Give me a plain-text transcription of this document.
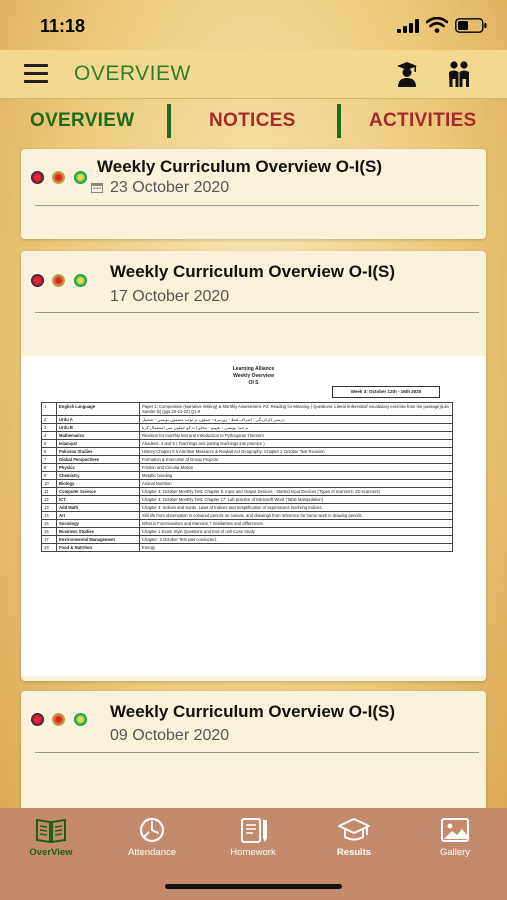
11:18
OVERVIEW
OVERVIEW	NOTICES	ACTIVITIES

Weekly Curriculum Overview O-I(S)
23 October 2020

Weekly Curriculum Overview O-I(S)
17 October 2020
Learning Alliance
Weekly Overview
OI S
Week 3: October 12th - 16th 2020
1	English Language	Paper 1: Composition (Narrative Writing) & Monthly Assessment. P2: Reading for Meaning ( Questions: Literal /Inferential/ vocabulary exercise from the passage)(Lila Sander lit) (pgs 20-21-22) Q1-9
2	Urdu A	درسی کارکردگی : اصراف لفظ - روزمرہ - جملوں پر توجہ مضمون نویسی - تفصیل
3	Urdu B	ترجمہ نویسی - تفہیم - محاورات کو جملوں میں استعمال کرنا
4	Mathematics	Revision for monthly test and Introduction to Pythagoras Theorem
5	Islamiyat	Ahadees: 4 and 5 ( Teachings and putting teachings into practice )
6	Pakistan Studies	History:Chapter 8 II Amritsar Massacre & Rowlatt Act Geography: Chapter 2 October Test Revision
7	Global Perspectives	Formation & Execution of Group Projects
8	Physics	Friction and Circular Motion
9	Chemistry	Metallic bonding
10	Biology	Animal Nutrition
11	Computer Science	Chapter 3: October Monthly Test. Chapter 5: Input and Output Devices - Started Input Devices (Types of scanners, 2D scanners)
12	ICT	Chapter 3: October Monthly Test. Chapter 17: Lab practice of Microsoft Word (Table Manipulation)
13	Add Math	Chapter 3: Indices and Surds. Laws of Indices and Simplification of expressions involving Indices.
14	Art	Still life from observation in coloured pencils on canvas, and drawings from reference for home work in drawing pencils.
15	Sociology	What is Functionalism and Marxism ? Similarities and differences.
16	Business Studies	Chapter 1 Exam Style Questions and End of unit Case Study
17	Environmental Management	Chapter- 3 October Test was conducted.
18	Food & Nutrition	Energy

Weekly Curriculum Overview O-I(S)
09 October 2020
OverView	Attendance	Homework	Results	Gallery
